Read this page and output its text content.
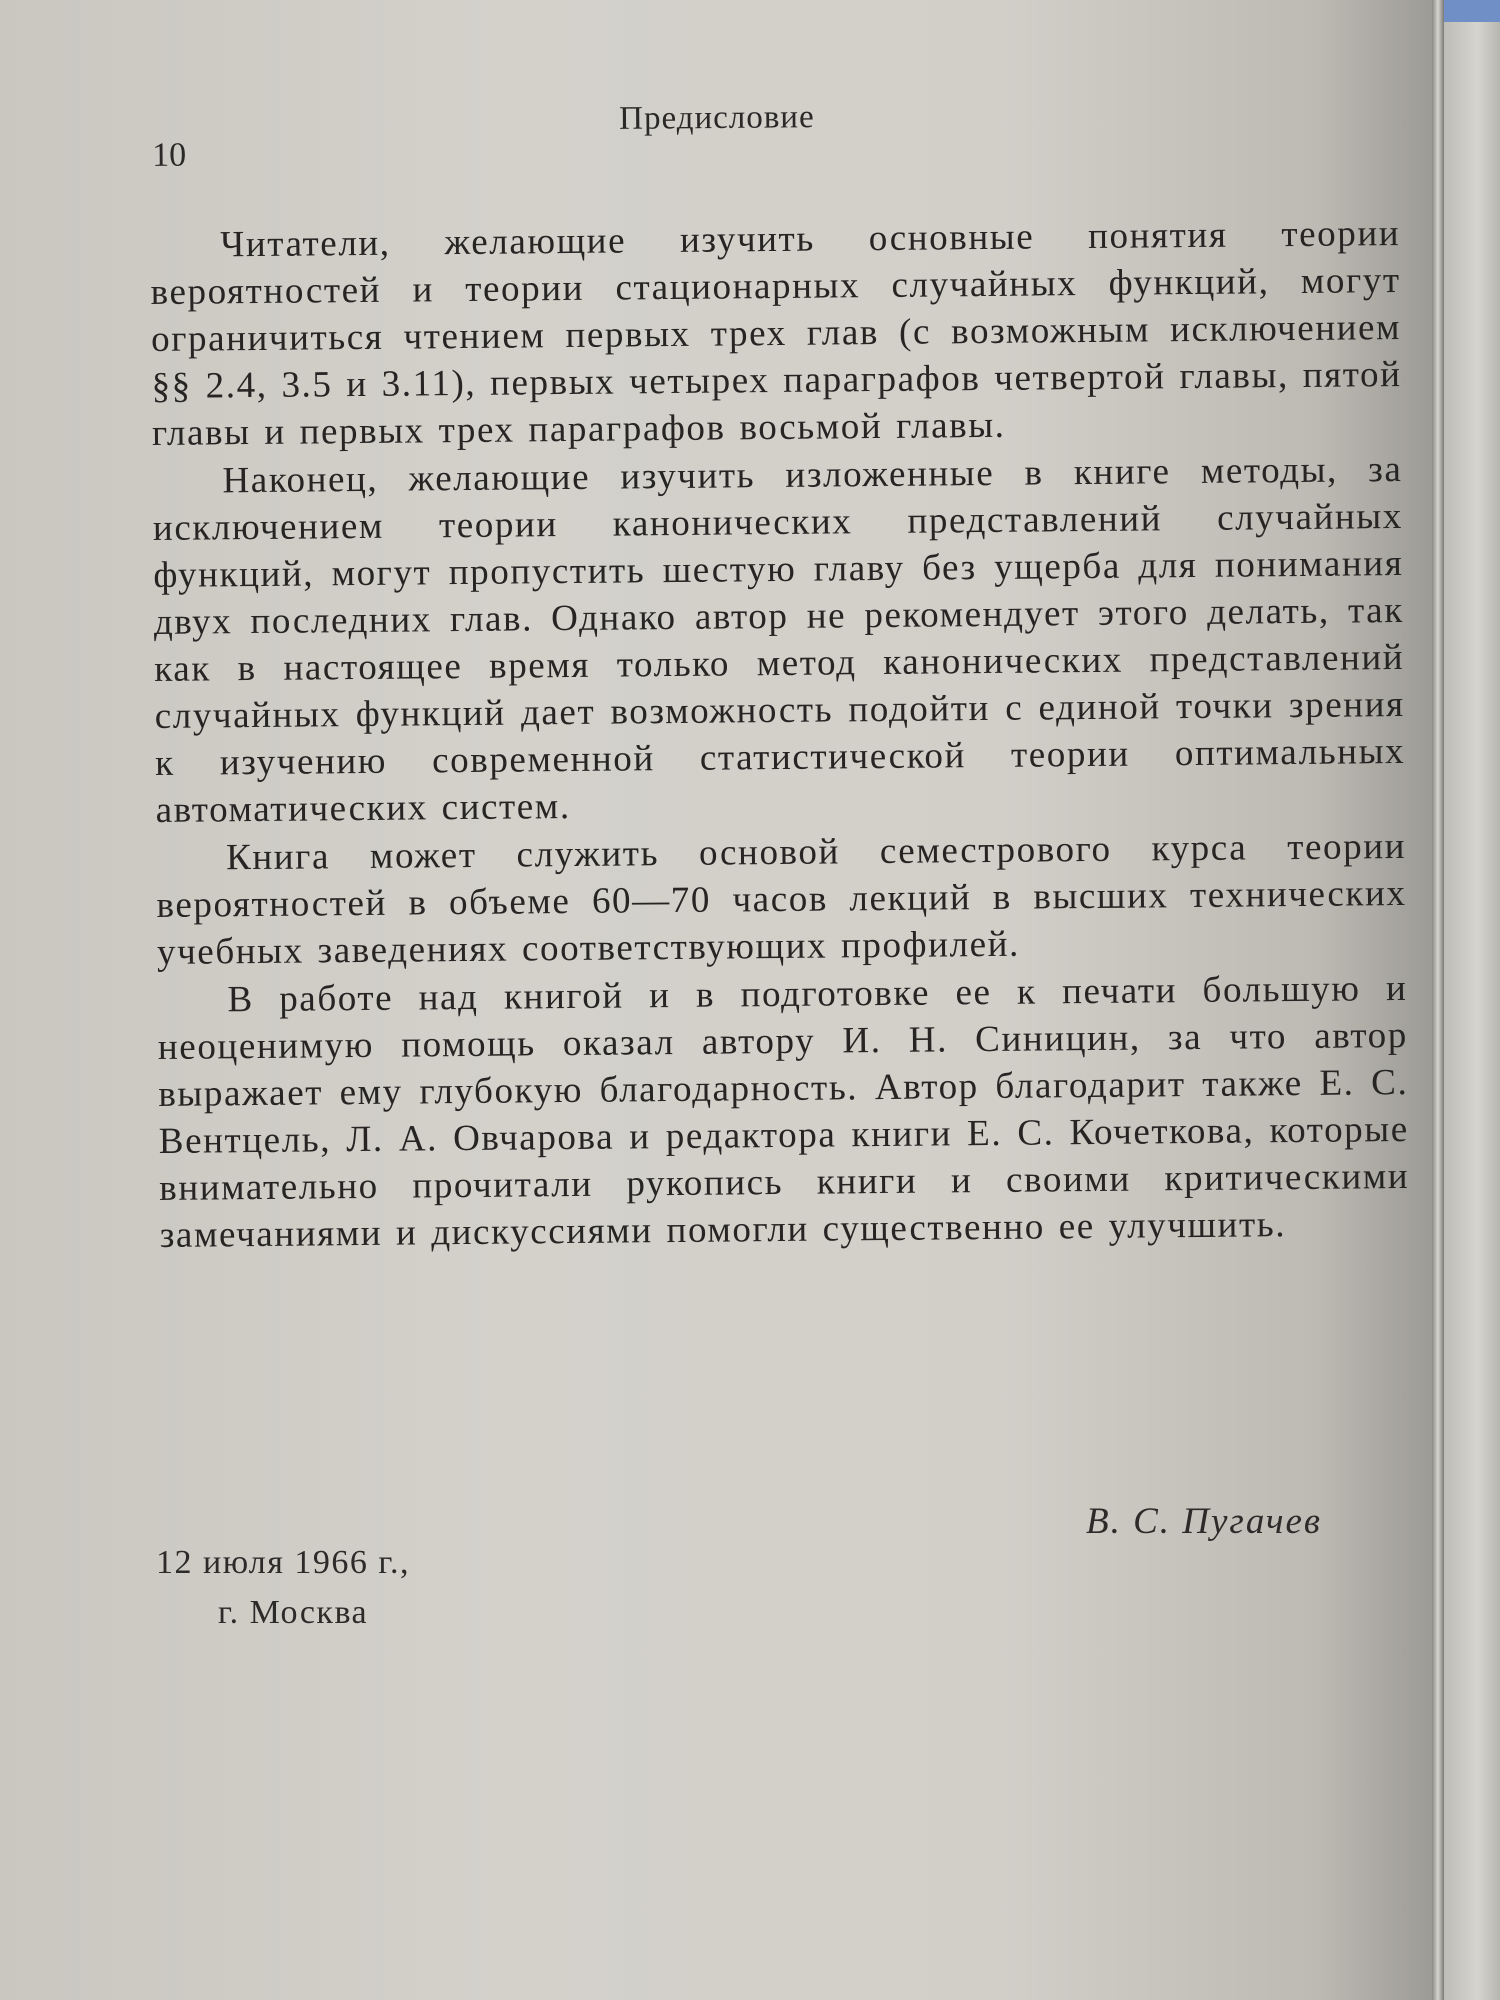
10
Предисловие

Читатели, желающие изучить основные понятия теории вероятностей и теории стационарных случайных функций, могут ограничиться чтением первых трех глав (с возможным исключением §§ 2.4, 3.5 и 3.11), первых четырех параграфов четвертой главы, пятой главы и первых трех параграфов восьмой главы.

Наконец, желающие изучить изложенные в книге методы, за исключением теории канонических представлений случайных функций, могут пропустить шестую главу без ущерба для понимания двух последних глав. Однако автор не рекомендует этого делать, так как в настоящее время только метод канонических представлений случайных функций дает возможность подойти с единой точки зрения к изучению современной статистической теории оптимальных автоматических систем.

Книга может служить основой семестрового курса теории вероятностей в объеме 60—70 часов лекций в высших технических учебных заведениях соответствующих профилей.

В работе над книгой и в подготовке ее к печати большую и неоценимую помощь оказал автору И. Н. Синицин, за что автор выражает ему глубокую благодарность. Автор благодарит также Е. С. Вентцель, Л. А. Овчарова и редактора книги Е. С. Кочеткова, которые внимательно прочитали рукопись книги и своими критическими замечаниями и дискуссиями помогли существенно ее улучшить.

В. С. Пугачев
12 июля 1966 г.,
г. Москва
